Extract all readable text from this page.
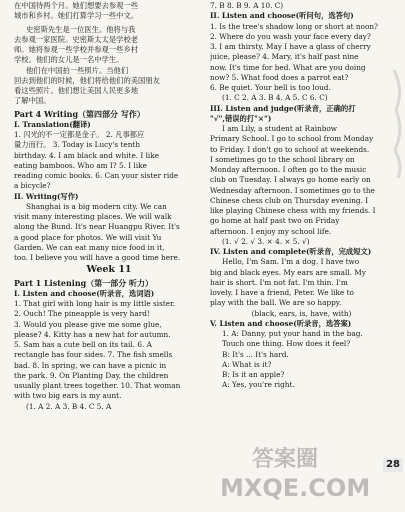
在中国待两个月。她们想要去参观一些
城市和乡村。她们打算学习一些中文。
史密斯先生是一位医生。他将与我
去参观一家医院。史密斯太太是学校老
师。她将参观一些学校并参观一些乡村
学校。他们的女儿是一名中学生。
他们在中国拍一些照片。当他们
回去到他们的时候，他们将给他们的美国朋友
看这些照片。他们想让美国人民更多地
了解中国。
Part 4 Writing（第四部分 写作）
I. Translation(翻译)
1. 闪光的不一定都是金子。 2. 凡事都应
量力而行。 3. Today is Lucy's tenth
birthday. 4. I am black and white. I like
eating bamboos. Who am I? 5. I like
reading comic books. 6. Can your sister ride
a bicycle?
II. Writing(写作)
Shanghai is a big modern city. We can
visit many interesting places. We will walk
along the Bund. It's near Huangpu River. It's
a good place for photos. We will visit Yu
Garden. We can eat many nice food in it,
too. I believe you will have a good time here.
Week 11
Part 1 Listening（第一部分 听力）
I. Listen and choose(听录音，选词语)
1. That girl with long hair is my little sister.
2. Ouch! The pineapple is very hard!
3. Would you please give me some glue,
please? 4. Kitty has a new hat for autumn.
5. Sam has a cute bell on its tail. 6. A
rectangle has four sides. 7. The fish smells
bad. 8. In spring, we can have a picnic in
the park. 9. On Planting Day, the children
usually plant trees together. 10. That woman
with two big ears is my aunt.
(1. A 2. A 3. B 4. C 5. A
7. B 8. B 9. A 10. C)
II. Listen and choose(听问句，选答句)
1. Is the tree's shadow long or short at noon?
2. Where do you wash your face every day?
3. I am thirsty. May I have a glass of cherry
juice, please? 4. Mary, it's half past nine
now. It's time for bed. What are you doing
now? 5. What food does a parrot eat?
6. Be quiet. Your bell is too loud.
(1. C 2. A 3. B 4. A 5. C 6. C)
III. Listen and judge(听录音，正确的打
"√",错误的打"×")
I am Lily, a student at Rainbow
Primary School. I go to school from Monday
to Friday. I don't go to school at weekends.
I sometimes go to the school library on
Monday afternoon. I often go to the music
club on Tuesday. I always go home early on
Wednesday afternoon. I sometimes go to the
Chinese chess club on Thursday evening. I
like playing Chinese chess with my friends. I
go home at half past two on Friday
afternoon. I enjoy my school life.
(1. √ 2. √ 3. × 4. × 5. √)
IV. Listen and complete(听录音，完成短文)
Hello, I'm Sam. I'm a dog. I have two
big and black eyes. My ears are small. My
hair is short. I'm not fat. I'm thin. I'm
lovely. I have a friend, Peter. We like to
play with the ball. We are so happy.
(black, ears, is, have, with)
V. Listen and choose(听录音，选答案)
1. A: Danny, put your hand in the bag.
Touch one thing. How does it feel?
B: It's ... It's hard.
A: What is it?
B: Is it an apple?
A: Yes, you're right.
答案圈
MXQE.COM
28
